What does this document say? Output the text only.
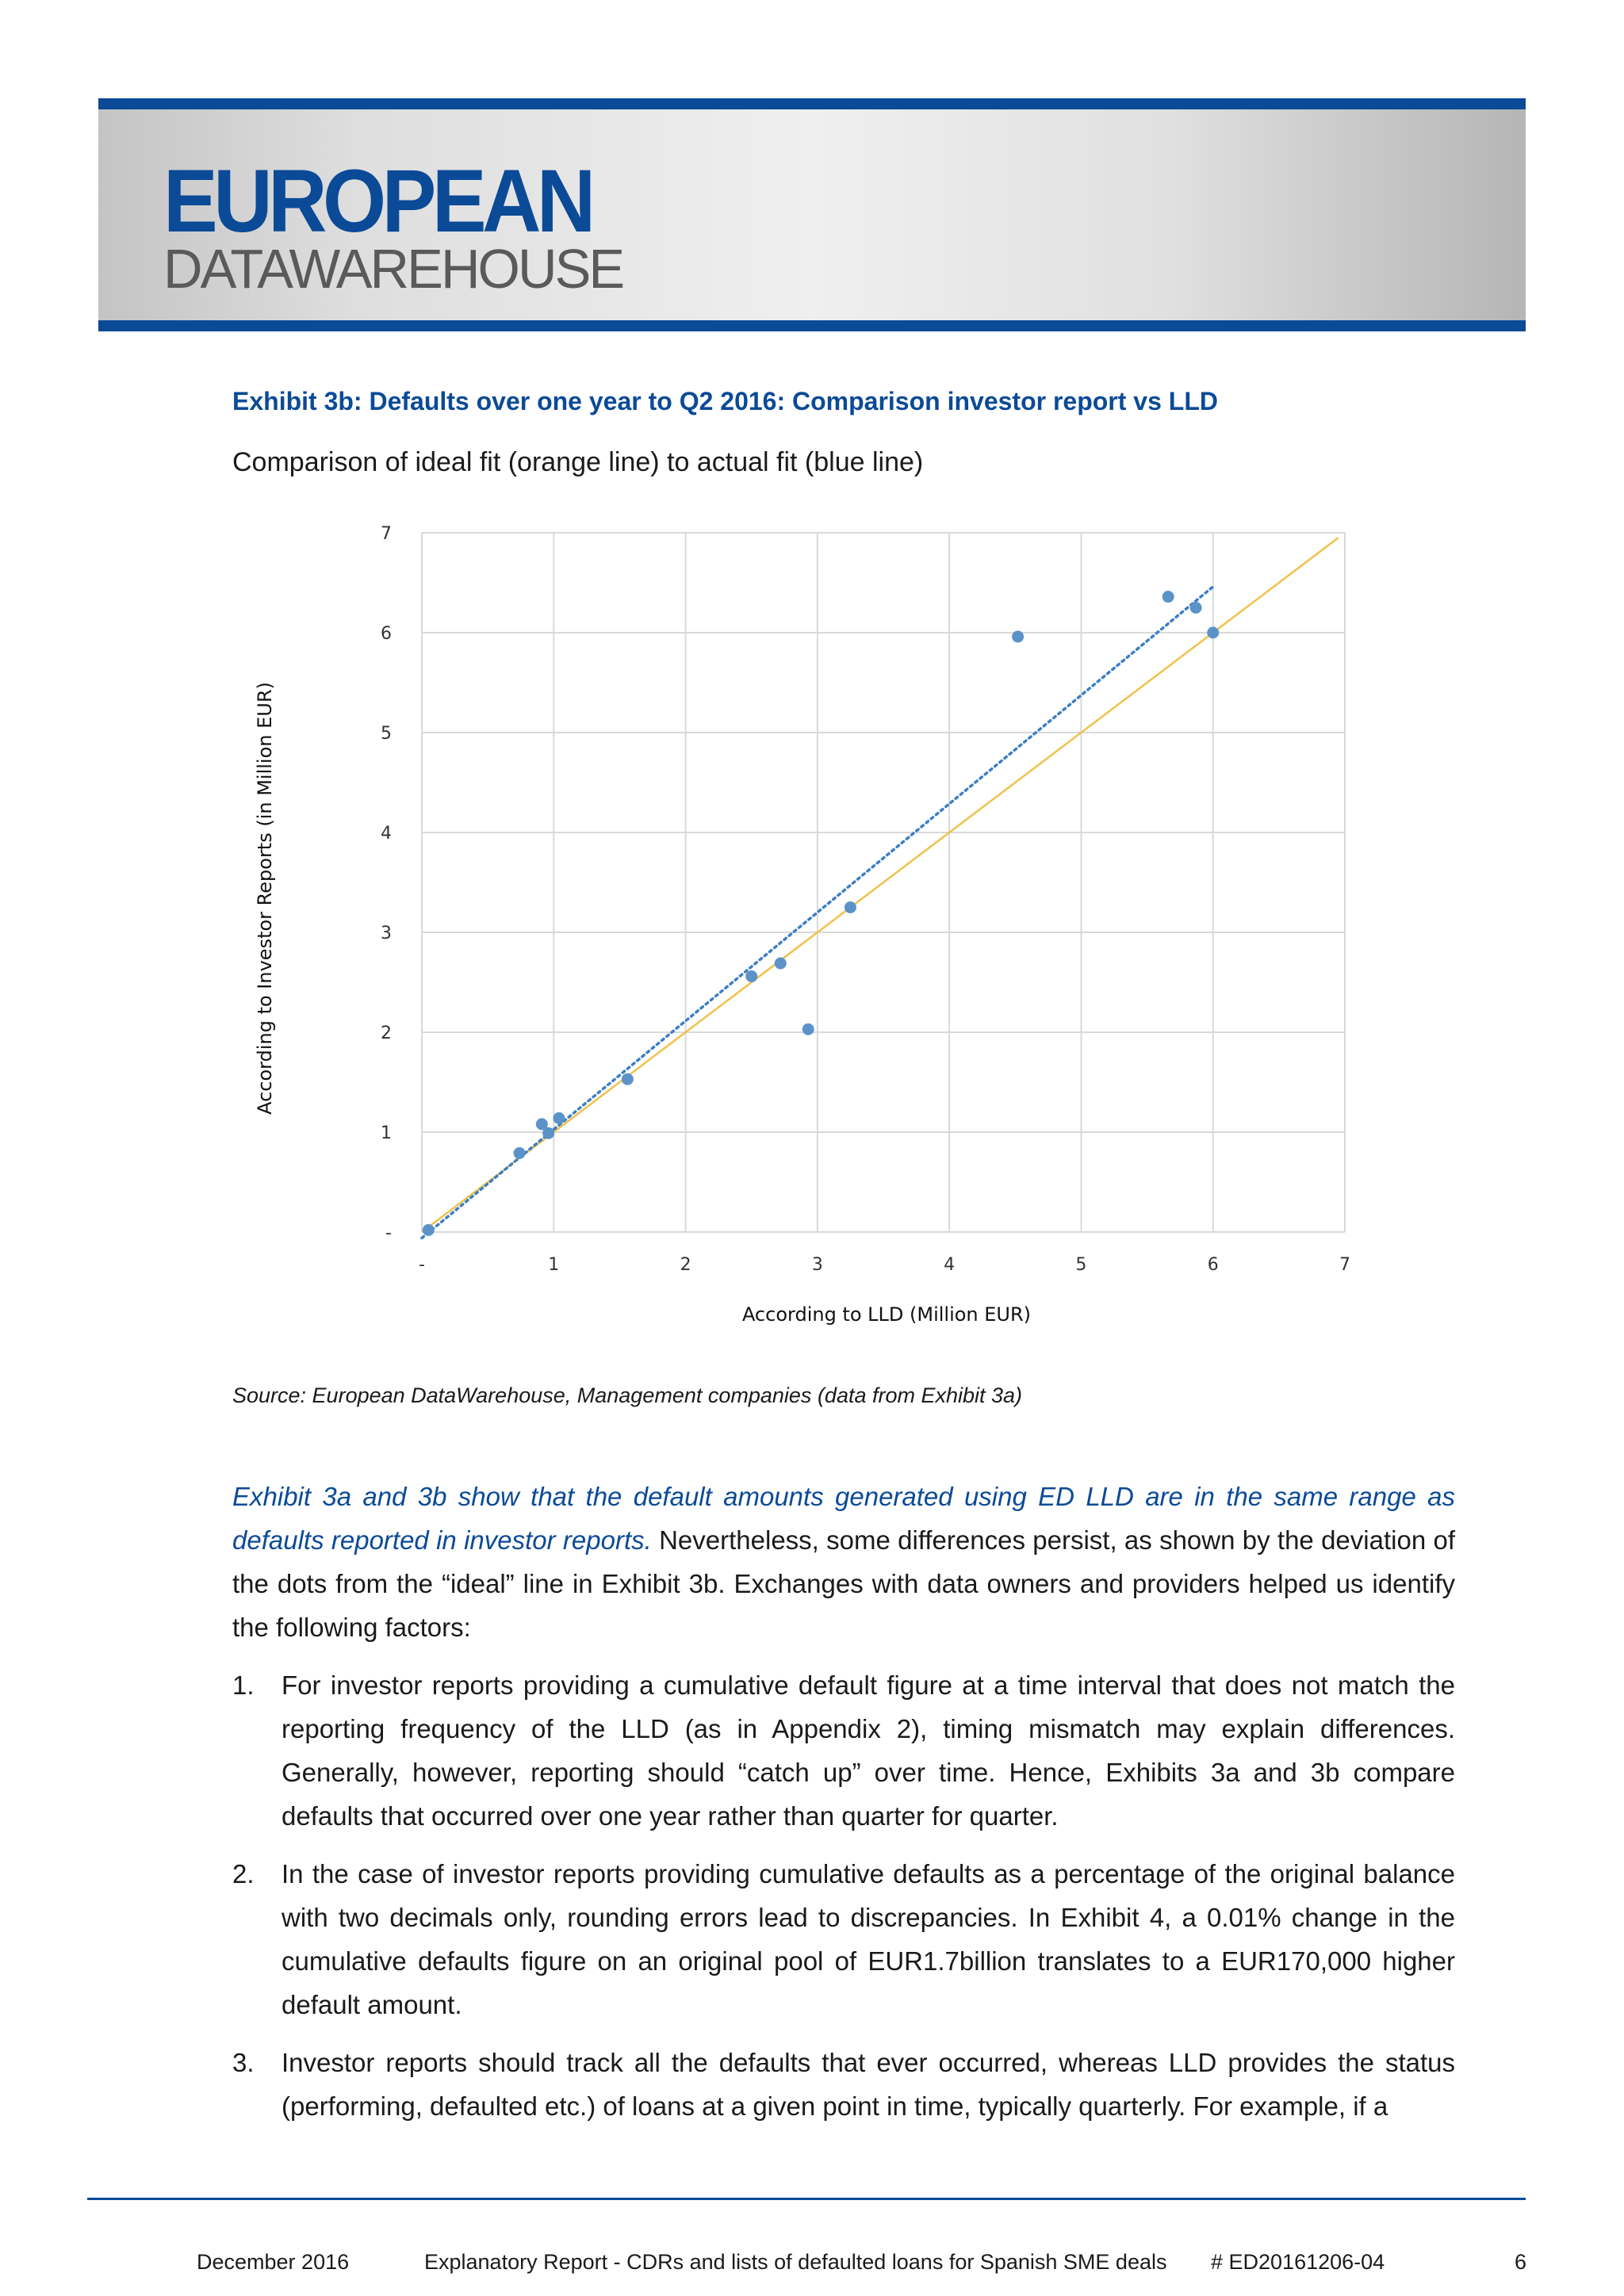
EUROPEAN
DATAWAREHOUSE
Exhibit 3b: Defaults over one year to Q2 2016: Comparison investor report vs LLD
Comparison of ideal fit (orange line) to actual fit (blue line)
-	1	2	3	4	5	6	7
-
1
2
3
4
5
6
7
According to Investor Reports (in Million EUR)
According to LLD (Million EUR)
Source: European DataWarehouse, Management companies (data from Exhibit 3a)

Exhibit 3a and 3b show that the default amounts generated using ED LLD are in the same range as defaults reported in investor reports. Nevertheless, some differences persist, as shown by the deviation of the dots from the “ideal” line in Exhibit 3b. Exchanges with data owners and providers helped us identify the following factors:

1. For investor reports providing a cumulative default figure at a time interval that does not match the reporting frequency of the LLD (as in Appendix 2), timing mismatch may explain differences. Generally, however, reporting should “catch up” over time. Hence, Exhibits 3a and 3b compare defaults that occurred over one year rather than quarter for quarter.
2. In the case of investor reports providing cumulative defaults as a percentage of the original balance with two decimals only, rounding errors lead to discrepancies. In Exhibit 4, a 0.01% change in the cumulative defaults figure on an original pool of EUR1.7billion translates to a EUR170,000 higher default amount.
3. Investor reports should track all the defaults that ever occurred, whereas LLD provides the status (performing, defaulted etc.) of loans at a given point in time, typically quarterly. For example, if a
December 2016	Explanatory Report - CDRs and lists of defaulted loans for Spanish SME deals # ED20161206-04	6
